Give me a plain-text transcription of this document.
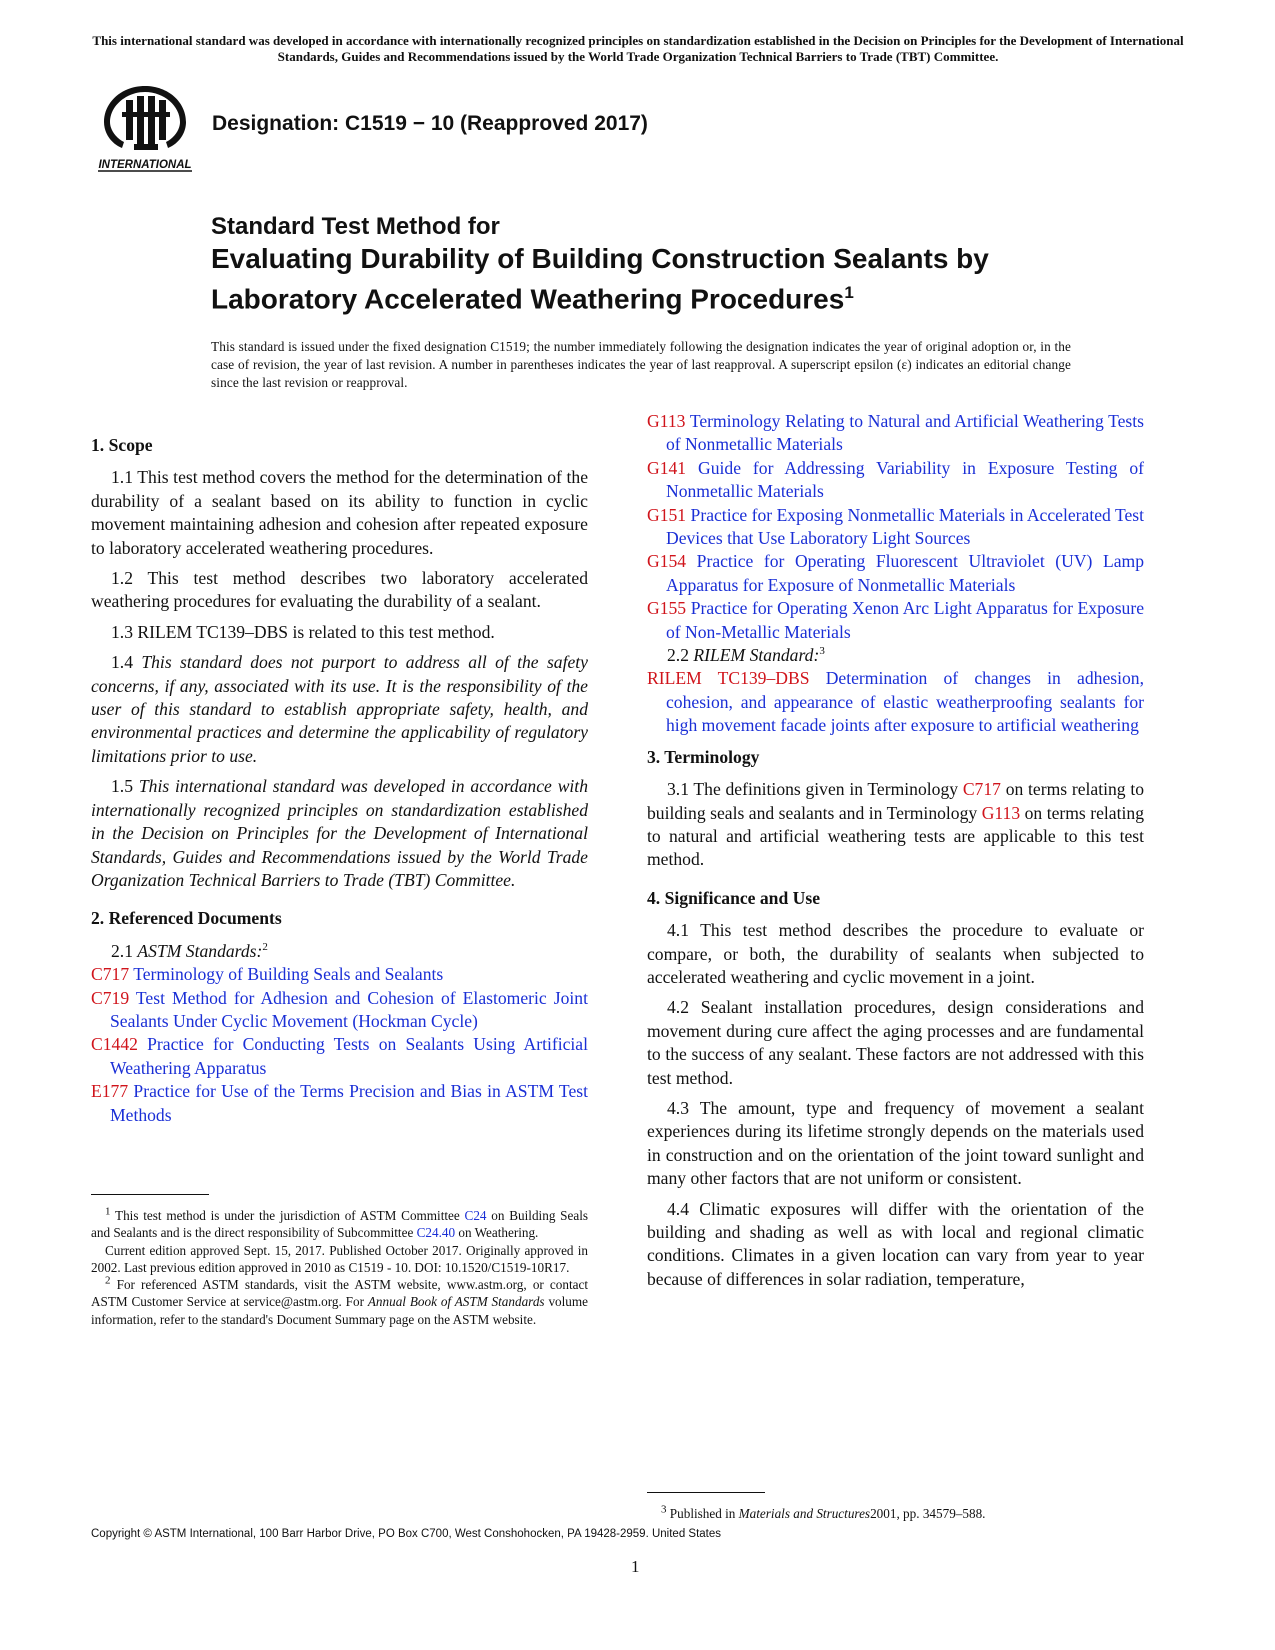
This international standard was developed in accordance with internationally recognized principles on standardization established in the Decision on Principles for the Development of International Standards, Guides and Recommendations issued by the World Trade Organization Technical Barriers to Trade (TBT) Committee.
INTERNATIONAL
Designation: C1519 − 10 (Reapproved 2017)
Standard Test Method for
Evaluating Durability of Building Construction Sealants by
Laboratory Accelerated Weathering Procedures$^1$
This standard is issued under the fixed designation C1519; the number immediately following the designation indicates the year of original adoption or, in the case of revision, the year of last revision. A number in parentheses indicates the year of last reapproval. A superscript epsilon (ε) indicates an editorial change since the last revision or reapproval.
1. Scope

1.1 This test method covers the method for the determination of the durability of a sealant based on its ability to function in cyclic movement maintaining adhesion and cohesion after repeated exposure to laboratory accelerated weathering procedures.

1.2 This test method describes two laboratory accelerated weathering procedures for evaluating the durability of a sealant.

1.3 RILEM TC139–DBS is related to this test method.

1.4 This standard does not purport to address all of the safety concerns, if any, associated with its use. It is the responsibility of the user of this standard to establish appropriate safety, health, and environmental practices and determine the applicability of regulatory limitations prior to use.

1.5 This international standard was developed in accordance with internationally recognized principles on standardization established in the Decision on Principles for the Development of International Standards, Guides and Recommendations issued by the World Trade Organization Technical Barriers to Trade (TBT) Committee.

2. Referenced Documents

2.1 ASTM Standards:$^2$

C717 Terminology of Building Seals and Sealants

C719 Test Method for Adhesion and Cohesion of Elastomeric Joint Sealants Under Cyclic Movement (Hockman Cycle)

C1442 Practice for Conducting Tests on Sealants Using Artificial Weathering Apparatus

E177 Practice for Use of the Terms Precision and Bias in ASTM Test Methods

$^1$ This test method is under the jurisdiction of ASTM Committee C24 on Building Seals and Sealants and is the direct responsibility of Subcommittee C24.40 on Weathering.

Current edition approved Sept. 15, 2017. Published October 2017. Originally approved in 2002. Last previous edition approved in 2010 as C1519 - 10. DOI: 10.1520/C1519-10R17.

$^2$ For referenced ASTM standards, visit the ASTM website, www.astm.org, or contact ASTM Customer Service at service@astm.org. For Annual Book of ASTM Standards volume information, refer to the standard's Document Summary page on the ASTM website.

G113 Terminology Relating to Natural and Artificial Weathering Tests of Nonmetallic Materials

G141 Guide for Addressing Variability in Exposure Testing of Nonmetallic Materials

G151 Practice for Exposing Nonmetallic Materials in Accelerated Test Devices that Use Laboratory Light Sources

G154 Practice for Operating Fluorescent Ultraviolet (UV) Lamp Apparatus for Exposure of Nonmetallic Materials

G155 Practice for Operating Xenon Arc Light Apparatus for Exposure of Non-Metallic Materials

2.2 RILEM Standard:$^3$

RILEM TC139–DBS Determination of changes in adhesion, cohesion, and appearance of elastic weatherproofing sealants for high movement facade joints after exposure to artificial weathering

3. Terminology

3.1 The definitions given in Terminology C717 on terms relating to building seals and sealants and in Terminology G113 on terms relating to natural and artificial weathering tests are applicable to this test method.

4. Significance and Use

4.1 This test method describes the procedure to evaluate or compare, or both, the durability of sealants when subjected to accelerated weathering and cyclic movement in a joint.

4.2 Sealant installation procedures, design considerations and movement during cure affect the aging processes and are fundamental to the success of any sealant. These factors are not addressed with this test method.

4.3 The amount, type and frequency of movement a sealant experiences during its lifetime strongly depends on the materials used in construction and on the orientation of the joint toward sunlight and many other factors that are not uniform or consistent.

4.4 Climatic exposures will differ with the orientation of the building and shading as well as with local and regional climatic conditions. Climates in a given location can vary from year to year because of differences in solar radiation, temperature,

$^3$ Published in Materials and Structures2001, pp. 34579–588.

Copyright © ASTM International, 100 Barr Harbor Drive, PO Box C700, West Conshohocken, PA 19428-2959. United States
1
